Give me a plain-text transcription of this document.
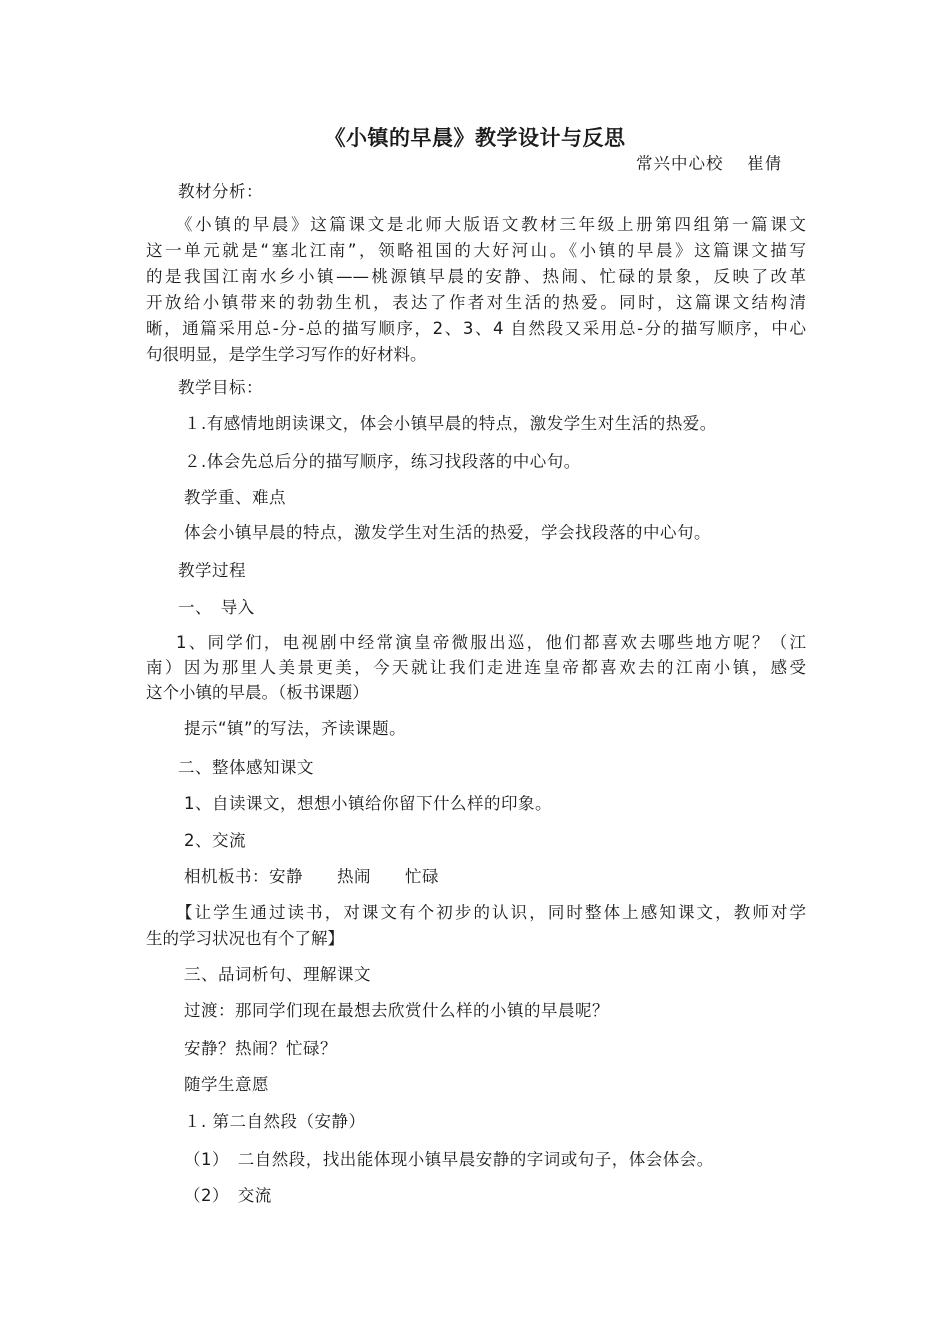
《小镇的早晨》教学设计与反思
常兴中心校　 崔倩
教材分析：
《小镇的早晨》这篇课文是北师大版语文教材三年级上册第四组第一篇课文
这一单元就是“塞北江南”，领略祖国的大好河山。《小镇的早晨》这篇课文描写
的是我国江南水乡小镇——桃源镇早晨的安静、热闹、忙碌的景象，反映了改革
开放给小镇带来的勃勃生机，表达了作者对生活的热爱。同时，这篇课文结构清
晰，通篇采用总-分-总的描写顺序，2、3、4 自然段又采用总-分的描写顺序，中心
句很明显，是学生学习写作的好材料。
教学目标：
１.有感情地朗读课文，体会小镇早晨的特点，激发学生对生活的热爱。
２.体会先总后分的描写顺序，练习找段落的中心句。
教学重、难点
体会小镇早晨的特点，激发学生对生活的热爱，学会找段落的中心句。
教学过程
一、　导入
1、同学们，电视剧中经常演皇帝微服出巡，他们都喜欢去哪些地方呢？（江
南）因为那里人美景更美，今天就让我们走进连皇帝都喜欢去的江南小镇，感受
这个小镇的早晨。（板书课题）
提示“镇”的写法，齐读课题。
二、整体感知课文
1、自读课文，想想小镇给你留下什么样的印象。
2、交流
相机板书：安静　　热闹　　忙碌
【让学生通过读书，对课文有个初步的认识，同时整体上感知课文，教师对学
生的学习状况也有个了解】
三、品词析句、理解课文
过渡：那同学们现在最想去欣赏什么样的小镇的早晨呢？
安静？热闹？忙碌？
随学生意愿
１. 第二自然段（安静）
（1）　二自然段，找出能体现小镇早晨安静的字词或句子，体会体会。
（2）　交流
